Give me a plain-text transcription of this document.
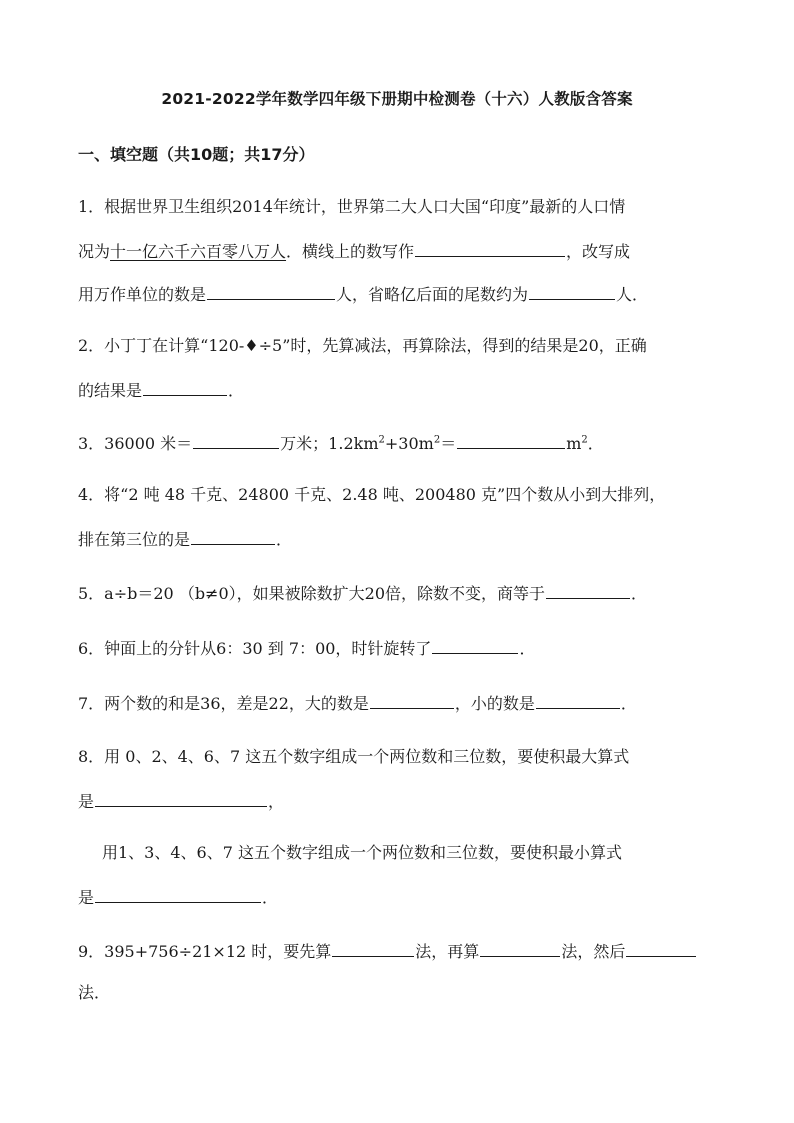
2021-2022学年数学四年级下册期中检测卷（十六）人教版含答案
一、填空题（共10题；共17分）
1．根据世界卫生组织2014年统计，世界第二大人口大国“印度”最新的人口情
况为十一亿六千六百零八万人．横线上的数写作	，改写成
用万作单位的数是	人，省略亿后面的尾数约为	人．
2．小丁丁在计算“120-♦÷5”时，先算减法，再算除法，得到的结果是20，正确
的结果是	．
3．36000 米＝	万米；$1.2km^2+30m^2=$	$m^2$．
4．将“2 吨 48 千克、24800 千克、2.48 吨、200480 克”四个数从小到大排列，
排在第三位的是	．
5．a÷b＝20 （b≠0），如果被除数扩大20倍，除数不变，商等于	．
6．钟面上的分针从6：30 到 7：00，时针旋转了	．
7．两个数的和是36，差是22，大的数是	，小的数是	．
8．用 0、2、4、6、7 这五个数字组成一个两位数和三位数，要使积最大算式
是	，
用1、3、4、6、7 这五个数字组成一个两位数和三位数，要使积最小算式
是	．
9．395+756÷21×12 时，要先算	法，再算	法，然后
法．
